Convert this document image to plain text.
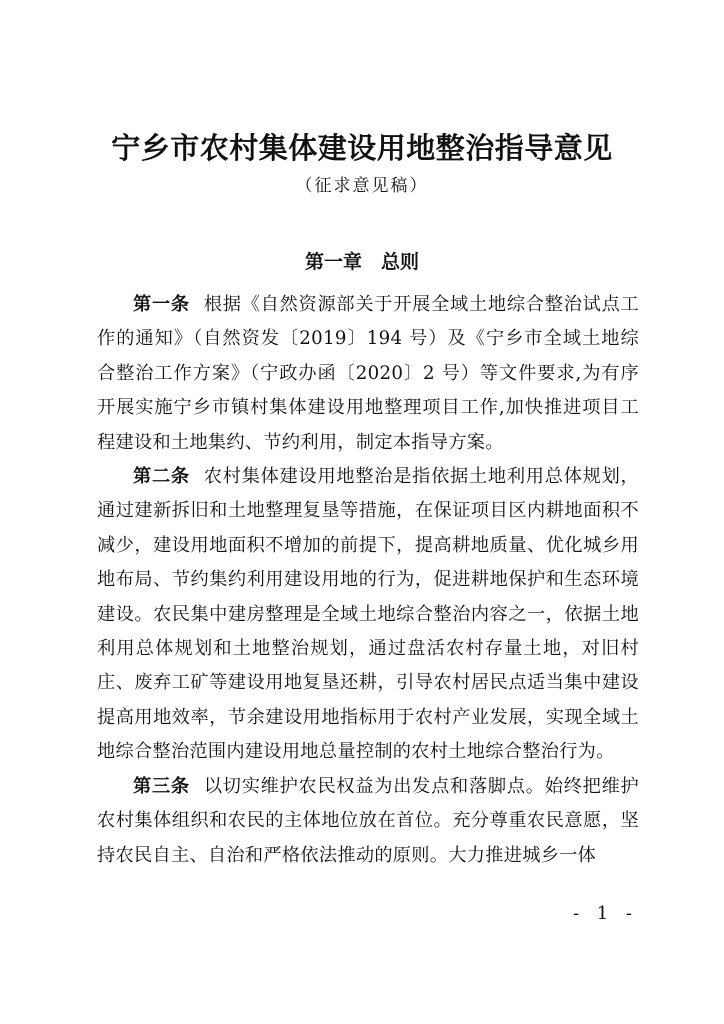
宁乡市农村集体建设用地整治指导意见
（征求意见稿）
第一章　总则

第一条 根据《自然资源部关于开展全域土地综合整治试点工作的通知》（自然资发〔2019〕194 号）及《宁乡市全域土地综合整治工作方案》（宁政办函〔2020〕2 号）等文件要求,为有序开展实施宁乡市镇村集体建设用地整理项目工作,加快推进项目工程建设和土地集约、节约利用，制定本指导方案。

第二条 农村集体建设用地整治是指依据土地利用总体规划，通过建新拆旧和土地整理复垦等措施，在保证项目区内耕地面积不减少，建设用地面积不增加的前提下，提高耕地质量、优化城乡用地布局、节约集约利用建设用地的行为，促进耕地保护和生态环境建设。农民集中建房整理是全域土地综合整治内容之一，依据土地利用总体规划和土地整治规划，通过盘活农村存量土地，对旧村庄、废弃工矿等建设用地复垦还耕，引导农村居民点适当集中建设提高用地效率，节余建设用地指标用于农村产业发展，实现全域土地综合整治范围内建设用地总量控制的农村土地综合整治行为。

第三条 以切实维护农民权益为出发点和落脚点。始终把维护农村集体组织和农民的主体地位放在首位。充分尊重农民意愿，坚持农民自主、自治和严格依法推动的原则。大力推进城乡一体

- 1 -
